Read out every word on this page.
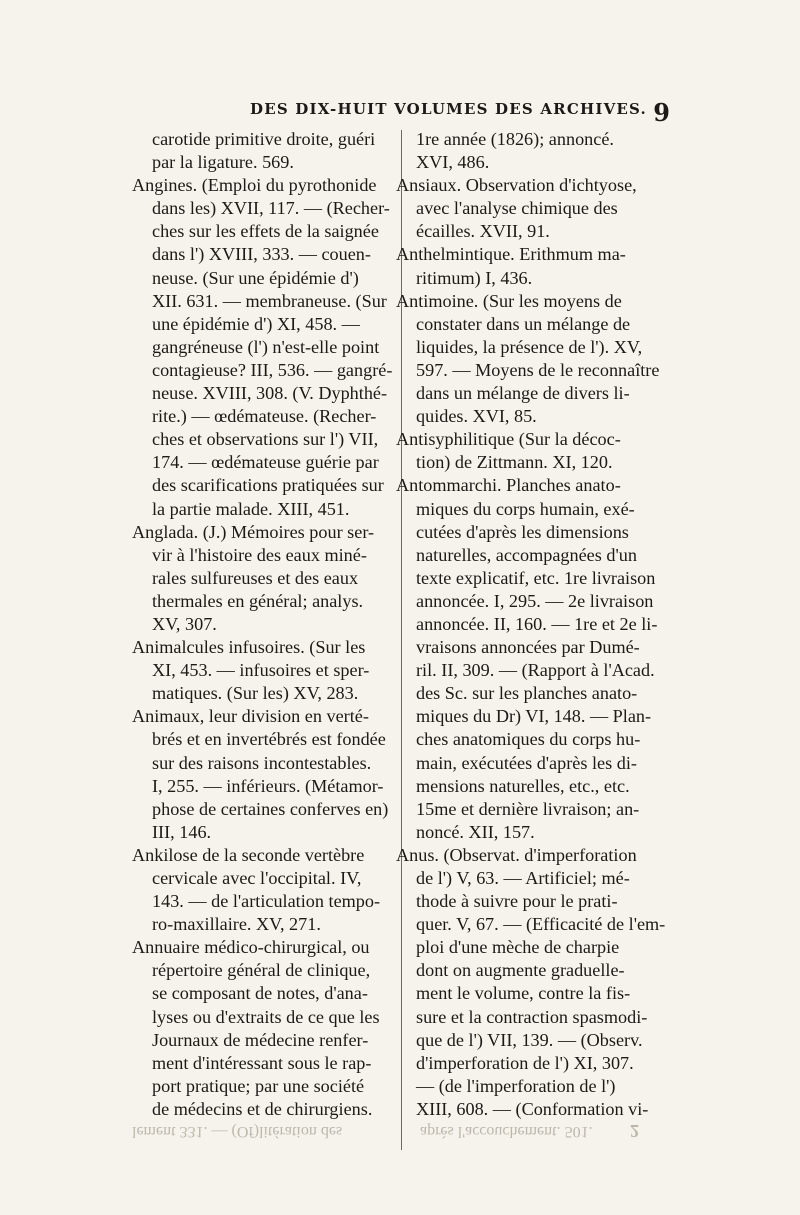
DES DIX-HUIT VOLUMES DES ARCHIVES. 9
carotide primitive droite, guéri
par la ligature. 569.
Angines. (Emploi du pyrothonide
dans les) XVII, 117. — (Recher-
ches sur les effets de la saignée
dans l') XVIII, 333. — couen-
neuse. (Sur une épidémie d')
XII. 631. — membraneuse. (Sur
une épidémie d') XI, 458. —
gangréneuse (l') n'est-elle point
contagieuse? III, 536. — gangré-
neuse. XVIII, 308. (V. Dyphthé-
rite.) — œdémateuse. (Recher-
ches et observations sur l') VII,
174. — œdémateuse guérie par
des scarifications pratiquées sur
la partie malade. XIII, 451.
Anglada. (J.) Mémoires pour ser-
vir à l'histoire des eaux miné-
rales sulfureuses et des eaux
thermales en général; analys.
XV, 307.
Animalcules infusoires. (Sur les
XI, 453. — infusoires et sper-
matiques. (Sur les) XV, 283.
Animaux, leur division en verté-
brés et en invertébrés est fondée
sur des raisons incontestables.
I, 255. — inférieurs. (Métamor-
phose de certaines conferves en)
III, 146.
Ankilose de la seconde vertèbre
cervicale avec l'occipital. IV,
143. — de l'articulation tempo-
ro-maxillaire. XV, 271.
Annuaire médico-chirurgical, ou
répertoire général de clinique,
se composant de notes, d'ana-
lyses ou d'extraits de ce que les
Journaux de médecine renfer-
ment d'intéressant sous le rap-
port pratique; par une société
de médecins et de chirurgiens.
1re année (1826); annoncé.
XVI, 486.
Ansiaux. Observation d'ichtyose,
avec l'analyse chimique des
écailles. XVII, 91.
Anthelmintique. Erithmum ma-
ritimum) I, 436.
Antimoine. (Sur les moyens de
constater dans un mélange de
liquides, la présence de l'). XV,
597. — Moyens de le reconnaître
dans un mélange de divers li-
quides. XVI, 85.
Antisyphilitique (Sur la décoc-
tion) de Zittmann. XI, 120.
Antommarchi. Planches anato-
miques du corps humain, exé-
cutées d'après les dimensions
naturelles, accompagnées d'un
texte explicatif, etc. 1re livraison
annoncée. I, 295. — 2e livraison
annoncée. II, 160. — 1re et 2e li-
vraisons annoncées par Dumé-
ril. II, 309. — (Rapport à l'Acad.
des Sc. sur les planches anato-
miques du Dr) VI, 148. — Plan-
ches anatomiques du corps hu-
main, exécutées d'après les di-
mensions naturelles, etc., etc.
15me et dernière livraison; an-
noncé. XII, 157.
Anus. (Observat. d'imperforation
de l') V, 63. — Artificiel; mé-
thode à suivre pour le prati-
quer. V, 67. — (Efficacité de l'em-
ploi d'une mèche de charpie
dont on augmente graduelle-
ment le volume, contre la fis-
sure et la contraction spasmodi-
que de l') VII, 139. — (Observ.
d'imperforation de l') XI, 307.
— (de l'imperforation de l')
XIII, 608. — (Conformation vi-
lement 331. — (Of)litération des	après l'accouchement. 501.	2
